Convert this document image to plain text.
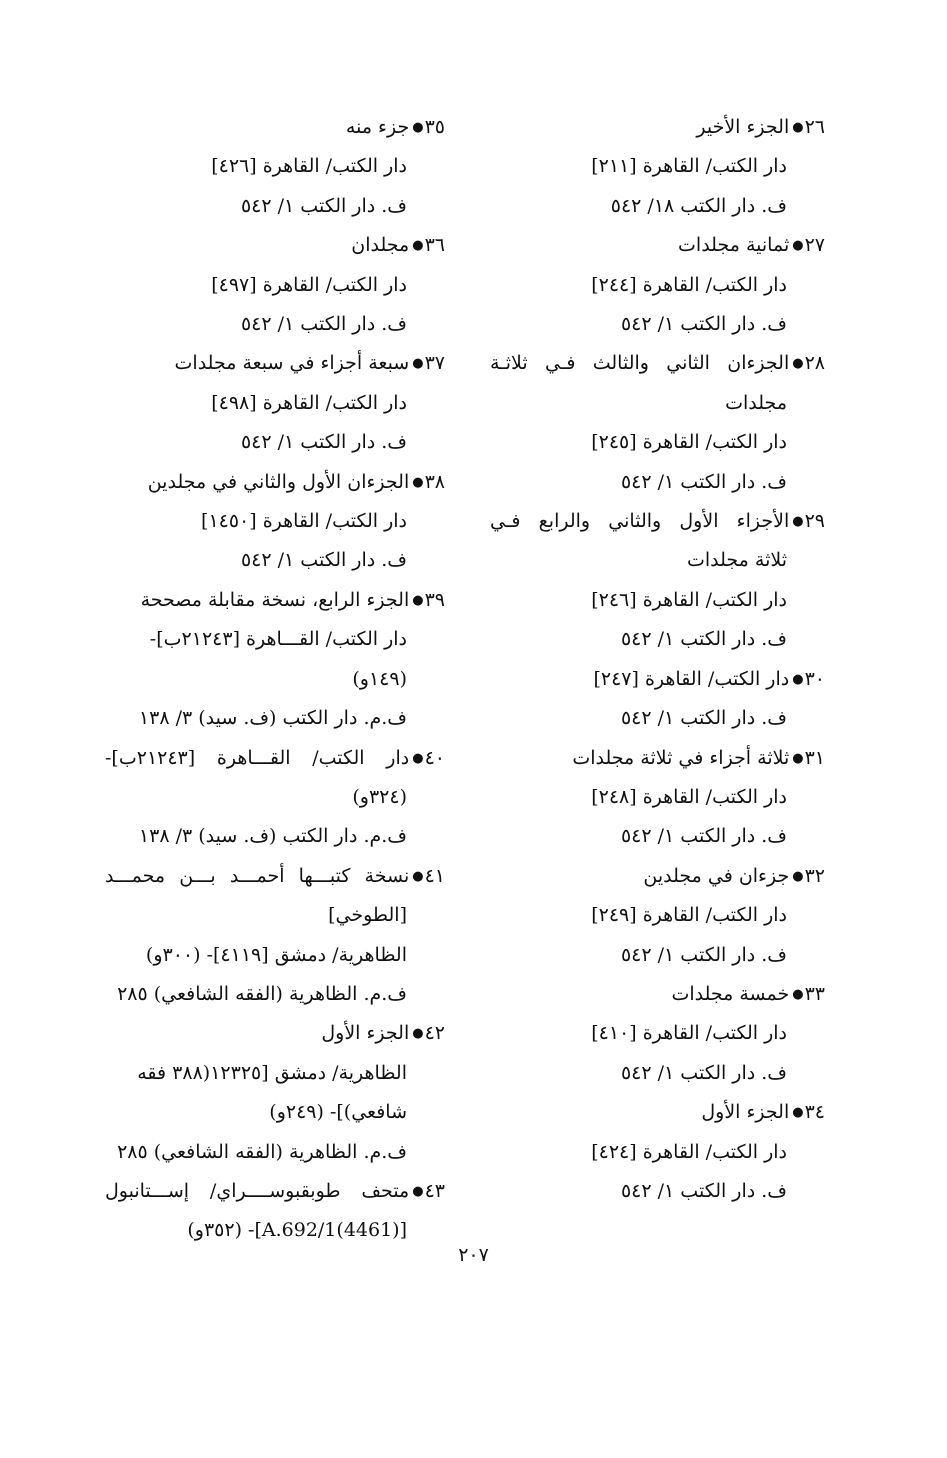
٢٦●الجزء الأخير
دار الكتب/ القاهرة [٢١١]
ف. دار الكتب ١٨/ ٥٤٢
٢٧●ثمانية مجلدات
دار الكتب/ القاهرة [٢٤٤]
ف. دار الكتب ١/ ٥٤٢
٢٨●الجزءان الثاني والثالث فـي ثلاثـة
مجلدات
دار الكتب/ القاهرة [٢٤٥]
ف. دار الكتب ١/ ٥٤٢
٢٩●الأجزاء الأول والثاني والرابع فـي
ثلاثة مجلدات
دار الكتب/ القاهرة [٢٤٦]
ف. دار الكتب ١/ ٥٤٢
٣٠●دار الكتب/ القاهرة [٢٤٧]
ف. دار الكتب ١/ ٥٤٢
٣١●ثلاثة أجزاء في ثلاثة مجلدات
دار الكتب/ القاهرة [٢٤٨]
ف. دار الكتب ١/ ٥٤٢
٣٢●جزءان في مجلدين
دار الكتب/ القاهرة [٢٤٩]
ف. دار الكتب ١/ ٥٤٢
٣٣●خمسة مجلدات
دار الكتب/ القاهرة [٤١٠]
ف. دار الكتب ١/ ٥٤٢
٣٤●الجزء الأول
دار الكتب/ القاهرة [٤٢٤]
ف. دار الكتب ١/ ٥٤٢
٣٥●جزء منه
دار الكتب/ القاهرة [٤٢٦]
ف. دار الكتب ١/ ٥٤٢
٣٦●مجلدان
دار الكتب/ القاهرة [٤٩٧]
ف. دار الكتب ١/ ٥٤٢
٣٧●سبعة أجزاء في سبعة مجلدات
دار الكتب/ القاهرة [٤٩٨]
ف. دار الكتب ١/ ٥٤٢
٣٨●الجزءان الأول والثاني في مجلدين
دار الكتب/ القاهرة [١٤٥٠]
ف. دار الكتب ١/ ٥٤٢
٣٩●الجزء الرابع، نسخة مقابلة مصححة
دار الكتب/ القـــاهرة [٢١٢٤٣ب]-
(١٤٩و)
ف.م. دار الكتب (ف. سيد) ٣/ ١٣٨
٤٠●دار الكتب/ القـــاهرة [٢١٢٤٣ب]-
(٣٢٤و)
ف.م. دار الكتب (ف. سيد) ٣/ ١٣٨
٤١●نسخة كتبـــها أحمـــد بـــن محمـــد
[الطوخي]
الظاهرية/ دمشق [٤١١٩]- (٣٠٠و)
ف.م. الظاهرية (الفقه الشافعي) ٢٨٥
٤٢●الجزء الأول
الظاهرية/ دمشق [١٢٣٢٥(٣٨٨ فقه
شافعي)]- (٢٤٩و)
ف.م. الظاهرية (الفقه الشافعي) ٢٨٥
٤٣●متحف طوبقبوســــراي/ إســـتانبول
[(4461)A.692/1]- (٣٥٢و)
٢٠٧
